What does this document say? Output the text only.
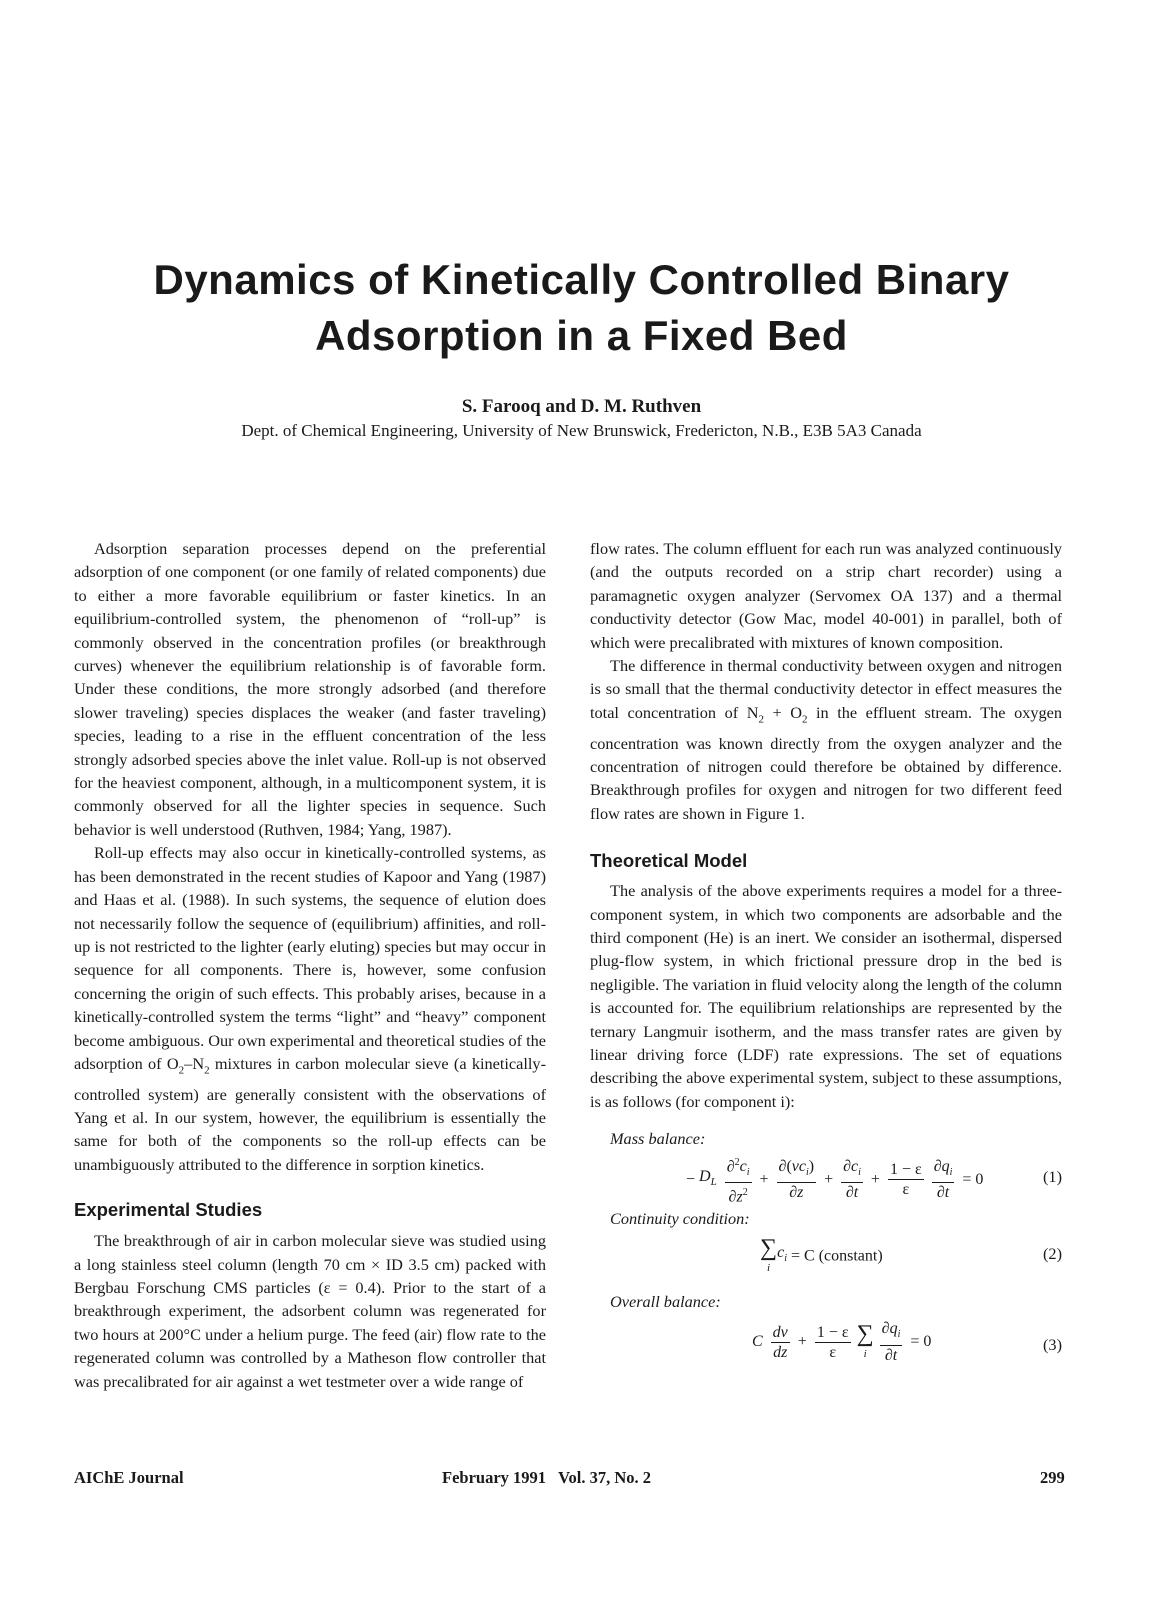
Dynamics of Kinetically Controlled Binary
Adsorption in a Fixed Bed
S. Farooq and D. M. Ruthven
Dept. of Chemical Engineering, University of New Brunswick, Fredericton, N.B., E3B 5A3 Canada

Adsorption separation processes depend on the preferential adsorption of one component (or one family of related components) due to either a more favorable equilibrium or faster kinetics. In an equilibrium-controlled system, the phenomenon of “roll-up” is commonly observed in the concentration profiles (or breakthrough curves) whenever the equilibrium relationship is of favorable form. Under these conditions, the more strongly adsorbed (and therefore slower traveling) species displaces the weaker (and faster traveling) species, leading to a rise in the effluent concentration of the less strongly adsorbed species above the inlet value. Roll-up is not observed for the heaviest component, although, in a multicomponent system, it is commonly observed for all the lighter species in sequence. Such behavior is well understood (Ruthven, 1984; Yang, 1987).

Roll-up effects may also occur in kinetically-controlled systems, as has been demonstrated in the recent studies of Kapoor and Yang (1987) and Haas et al. (1988). In such systems, the sequence of elution does not necessarily follow the sequence of (equilibrium) affinities, and roll-up is not restricted to the lighter (early eluting) species but may occur in sequence for all components. There is, however, some confusion concerning the origin of such effects. This probably arises, because in a kinetically-controlled system the terms “light” and “heavy” component become ambiguous. Our own experimental and theoretical studies of the adsorption of $O_2-N_2$ mixtures in carbon molecular sieve (a kinetically-controlled system) are generally consistent with the observations of Yang et al. In our system, however, the equilibrium is essentially the same for both of the components so the roll-up effects can be unambiguously attributed to the difference in sorption kinetics.

Experimental Studies

The breakthrough of air in carbon molecular sieve was studied using a long stainless steel column (length 70 cm × ID 3.5 cm) packed with Bergbau Forschung CMS particles (ε = 0.4). Prior to the start of a breakthrough experiment, the adsorbent column was regenerated for two hours at 200°C under a helium purge. The feed (air) flow rate to the regenerated column was controlled by a Matheson flow controller that was precalibrated for air against a wet testmeter over a wide range of

flow rates. The column effluent for each run was analyzed continuously (and the outputs recorded on a strip chart recorder) using a paramagnetic oxygen analyzer (Servomex OA 137) and a thermal conductivity detector (Gow Mac, model 40-001) in parallel, both of which were precalibrated with mixtures of known composition.

The difference in thermal conductivity between oxygen and nitrogen is so small that the thermal conductivity detector in effect measures the total concentration of $N_2 + O_2$ in the effluent stream. The oxygen concentration was known directly from the oxygen analyzer and the concentration of nitrogen could therefore be obtained by difference. Breakthrough profiles for oxygen and nitrogen for two different feed flow rates are shown in Figure 1.

Theoretical Model

The analysis of the above experiments requires a model for a three-component system, in which two components are adsorbable and the third component (He) is an inert. We consider an isothermal, dispersed plug-flow system, in which frictional pressure drop in the bed is negligible. The variation in fluid velocity along the length of the column is accounted for. The equilibrium relationships are represented by the ternary Langmuir isotherm, and the mass transfer rates are given by linear driving force (LDF) rate expressions. The set of equations describing the above experimental system, subject to these assumptions, is as follows (for component i):

Mass balance:

− $D_L \frac{\partial^2c_i}{\partial z^2} + \frac{\partial(vc_i)}{\partial z} + \frac{\partial c_i}{\partial t} + \frac{1 - \varepsilon}{\varepsilon}$
$\frac{\partial q_i}{\partial t} = 0$	(1)

Continuity condition:

∑
i
$c_i = C$ (constant)	(2)

Overall balance:

C $\frac{dv}{dz} + \frac{1 - \varepsilon}{\varepsilon}$
∑
i
$\frac{\partial q_i}{\partial t} = 0$	(3)
AIChE Journal	February 1991   Vol. 37, No. 2	299
